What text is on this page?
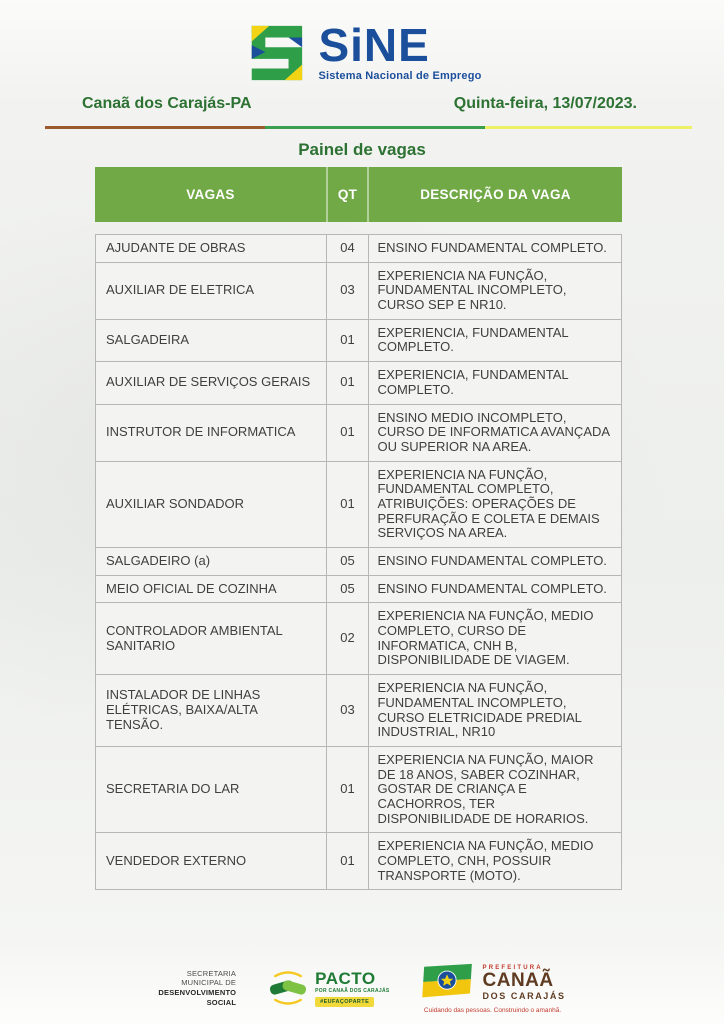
SiNE
Sistema Nacional de Emprego
Canaã dos Carajás-PA	Quinta-feira, 13/07/2023.
Painel de vagas
VAGAS	QT	DESCRIÇÃO DA VAGA
AJUDANTE DE OBRAS	04	ENSINO FUNDAMENTAL COMPLETO.
AUXILIAR DE ELETRICA	03	EXPERIENCIA NA FUNÇÃO, FUNDAMENTAL INCOMPLETO, CURSO SEP E NR10.
SALGADEIRA	01	EXPERIENCIA, FUNDAMENTAL COMPLETO.
AUXILIAR DE SERVIÇOS GERAIS	01	EXPERIENCIA, FUNDAMENTAL COMPLETO.
INSTRUTOR DE INFORMATICA	01	ENSINO MEDIO INCOMPLETO, CURSO DE INFORMATICA AVANÇADA OU SUPERIOR NA AREA.
AUXILIAR SONDADOR	01	EXPERIENCIA NA FUNÇÃO, FUNDAMENTAL COMPLETO, ATRIBUIÇÕES: OPERAÇÕES DE PERFURAÇÃO E COLETA E DEMAIS SERVIÇOS NA AREA.
SALGADEIRO (a)	05	ENSINO FUNDAMENTAL COMPLETO.
MEIO OFICIAL DE COZINHA	05	ENSINO FUNDAMENTAL COMPLETO.
CONTROLADOR AMBIENTAL SANITARIO	02	EXPERIENCIA NA FUNÇÃO, MEDIO COMPLETO, CURSO DE INFORMATICA, CNH B, DISPONIBILIDADE DE VIAGEM.
INSTALADOR DE LINHAS ELÉTRICAS, BAIXA/ALTA TENSÃO.	03	EXPERIENCIA NA FUNÇÃO, FUNDAMENTAL INCOMPLETO, CURSO ELETRICIDADE PREDIAL INDUSTRIAL, NR10
SECRETARIA DO LAR	01	EXPERIENCIA NA FUNÇÃO, MAIOR DE 18 ANOS, SABER COZINHAR, GOSTAR DE CRIANÇA E CACHORROS, TER DISPONIBILIDADE DE HORARIOS.
VENDEDOR EXTERNO	01	EXPERIENCIA NA FUNÇÃO, MEDIO COMPLETO, CNH, POSSUIR TRANSPORTE (MOTO).
SECRETARIA
MUNICIPAL DE
DESENVOLVIMENTO
SOCIAL
PACTO
POR CANAÃ DOS CARAJÁS
#EUFAÇOPARTE
PREFEITURA
CANAÃ
DOS CARAJÁS
Cuidando das pessoas. Construindo o amanhã.
